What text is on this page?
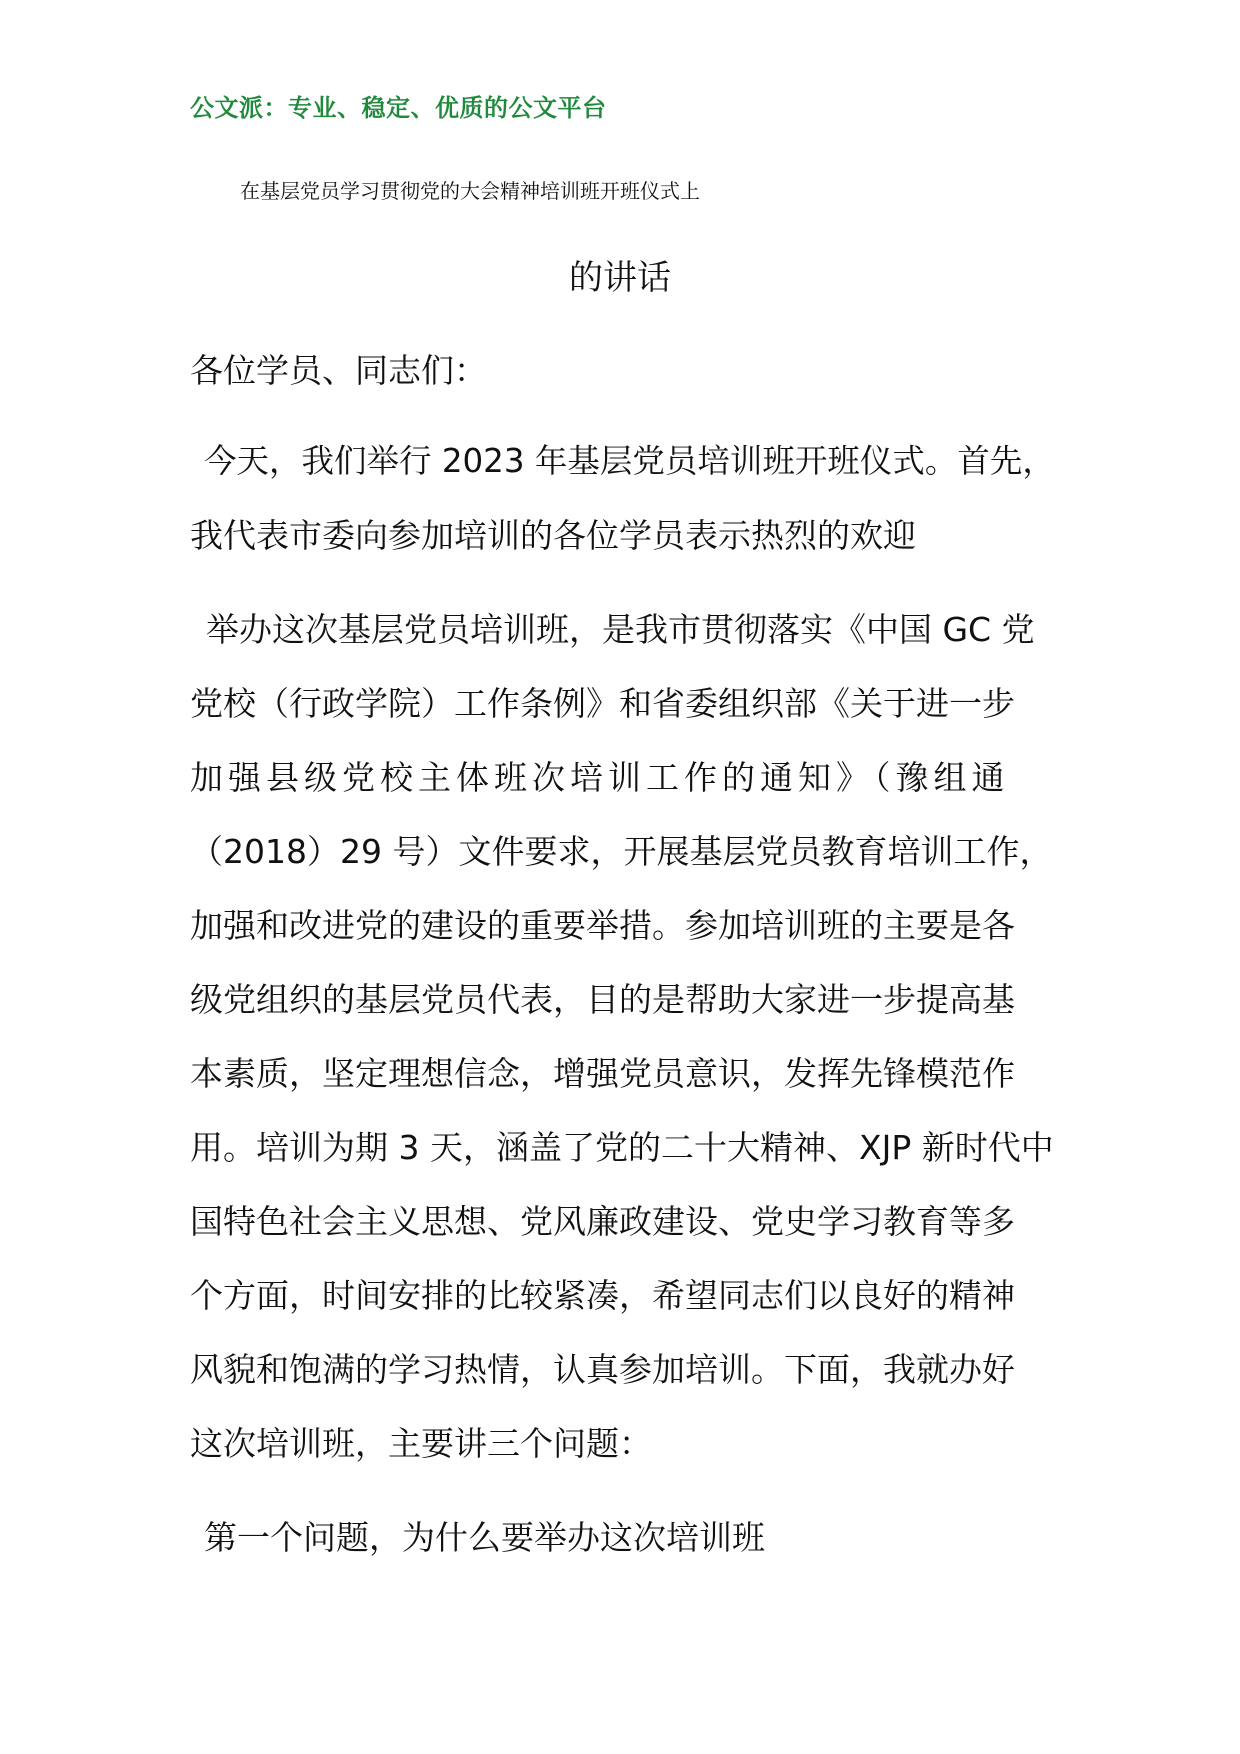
公文派：专业、稳定、优质的公文平台
在基层党员学习贯彻党的大会精神培训班开班仪式上
的讲话
各位学员、同志们：
今天，我们举行 2023 年基层党员培训班开班仪式。首先，
我代表市委向参加培训的各位学员表示热烈的欢迎
举办这次基层党员培训班，是我市贯彻落实《中国 GC 党
党校（行政学院）工作条例》和省委组织部《关于进一步
加强县级党校主体班次培训工作的通知》（豫组通
（2018）29 号）文件要求，开展基层党员教育培训工作，
加强和改进党的建设的重要举措。参加培训班的主要是各
级党组织的基层党员代表，目的是帮助大家进一步提高基
本素质，坚定理想信念，增强党员意识，发挥先锋模范作
用。培训为期 3 天，涵盖了党的二十大精神、XJP 新时代中
国特色社会主义思想、党风廉政建设、党史学习教育等多
个方面，时间安排的比较紧凑，希望同志们以良好的精神
风貌和饱满的学习热情，认真参加培训。下面，我就办好
这次培训班，主要讲三个问题：
第一个问题，为什么要举办这次培训班
